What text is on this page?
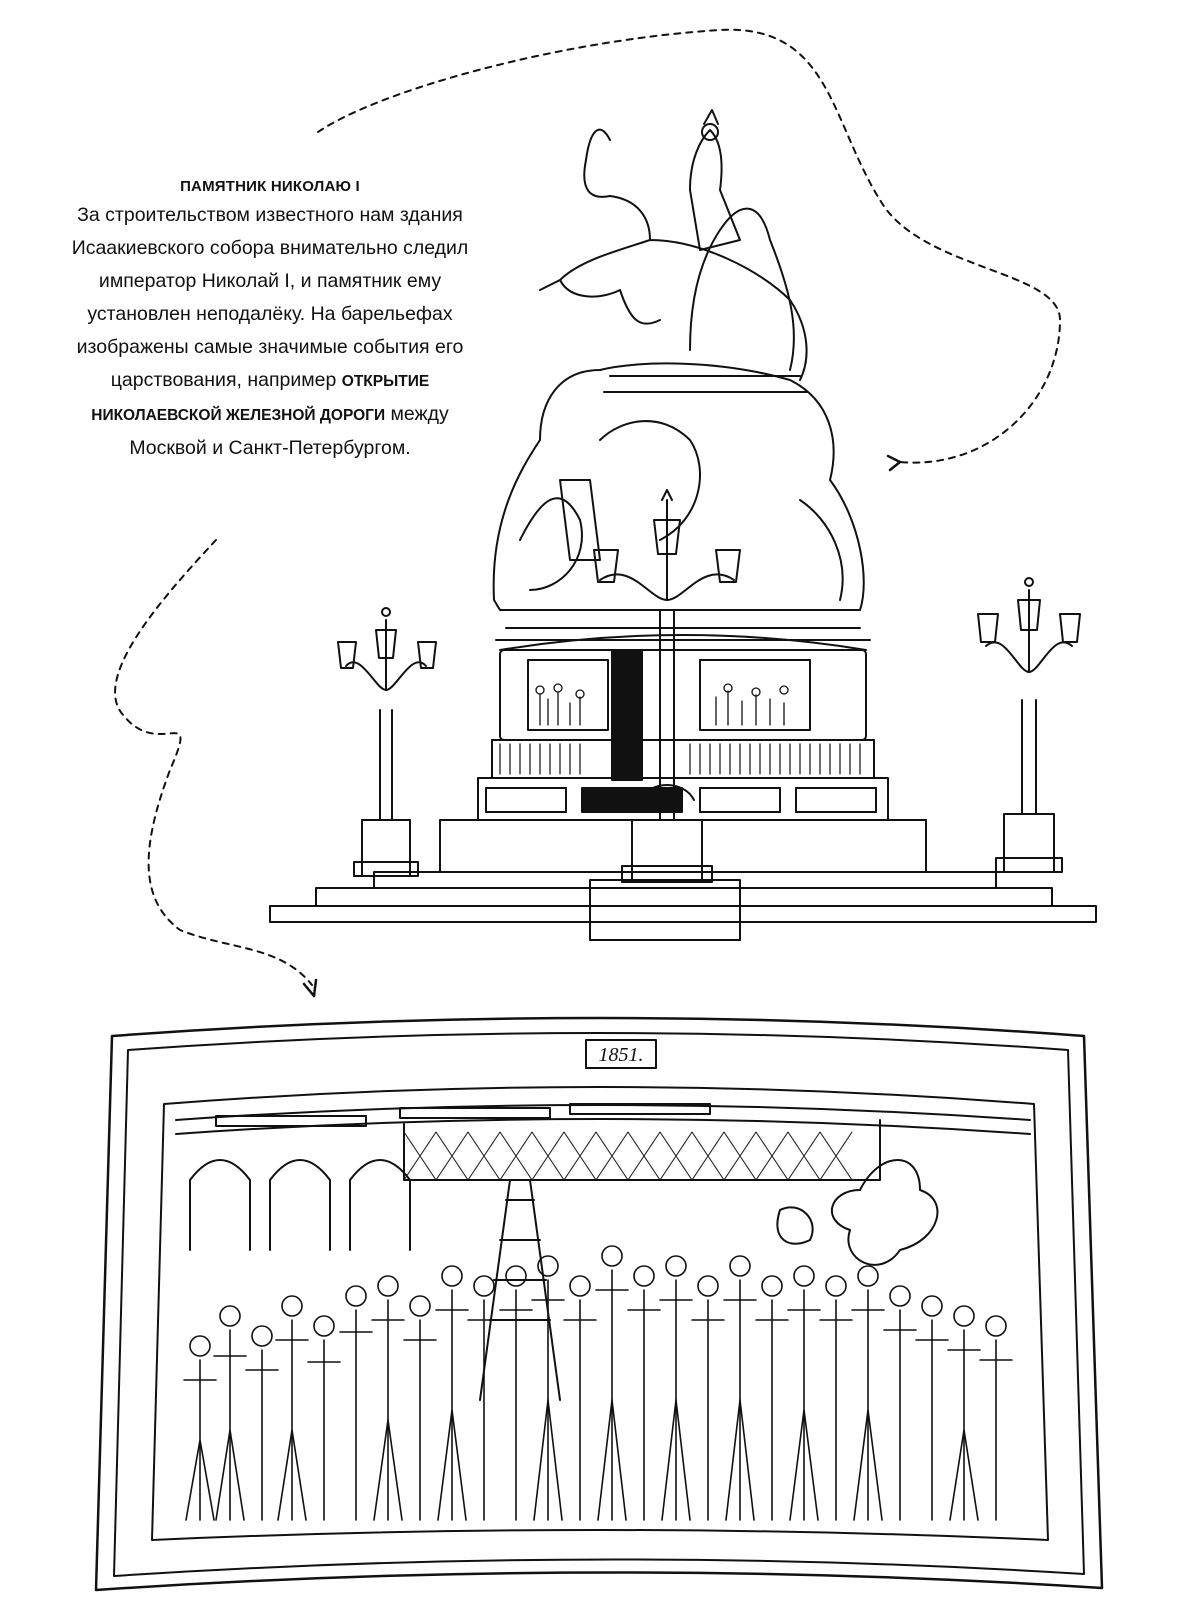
ПАМЯТНИК НИКОЛАЮ I

За строительством известного нам здания Исаакиевского собора внимательно следил император Николай I, и памятник ему установлен неподалёку. На барельефах изображены самые значимые события его царствования, например ОТКРЫТИЕ НИКОЛАЕВСКОЙ ЖЕЛЕЗНОЙ ДОРОГИ между Москвой и Санкт-Петербургом.

1851.
